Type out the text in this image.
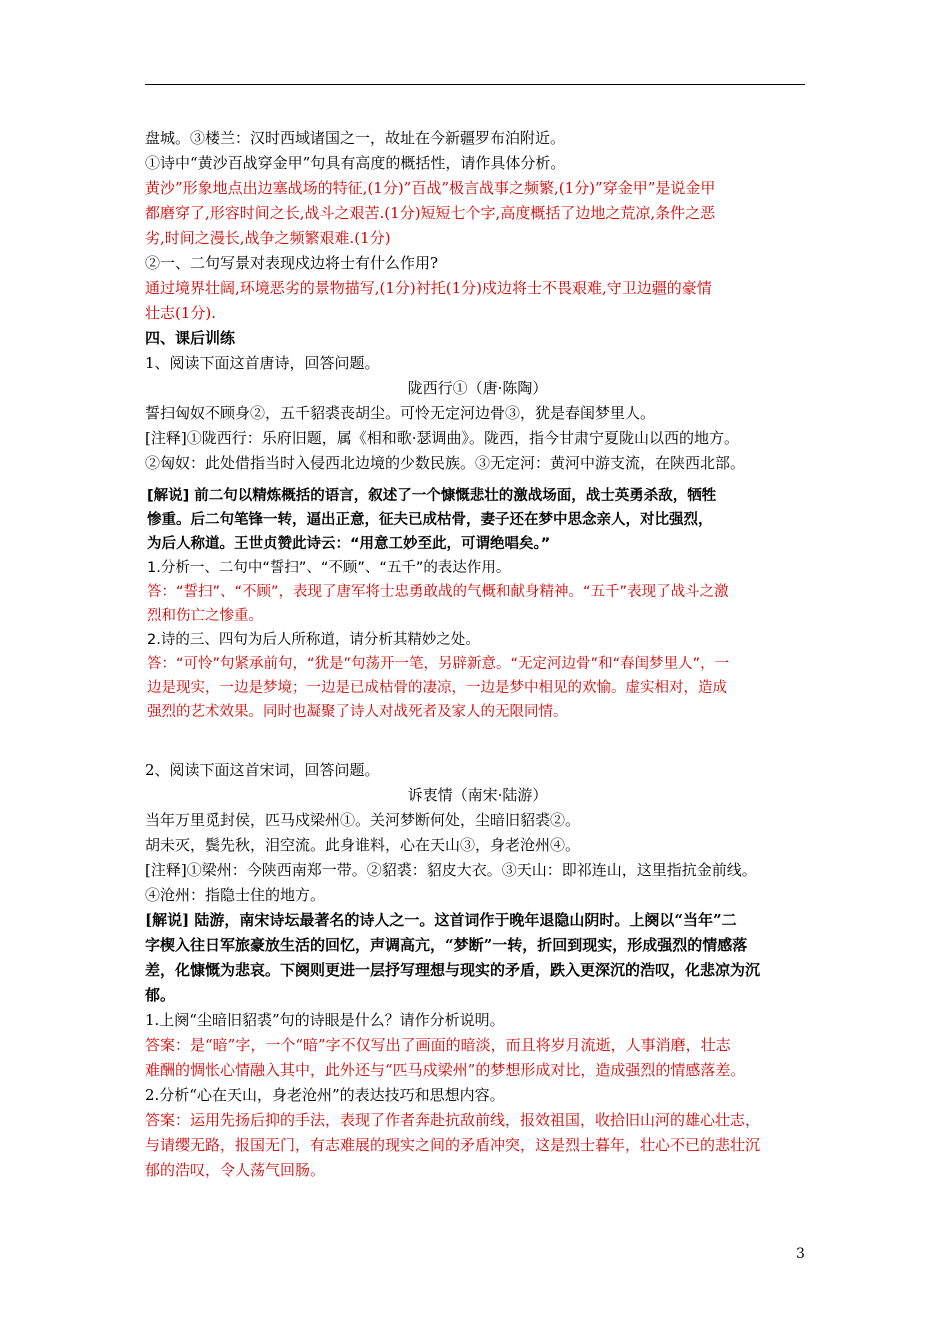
盘城。③楼兰：汉时西域诸国之一，故址在今新疆罗布泊附近。

①诗中“黄沙百战穿金甲”句具有高度的概括性，请作具体分析。

黄沙”形象地点出边塞战场的特征,(1分)”百战”极言战事之频繁,(1分)”穿金甲”是说金甲

都磨穿了,形容时间之长,战斗之艰苦.(1分)短短七个字,高度概括了边地之荒凉,条件之恶

劣,时间之漫长,战争之频繁艰难.(1分)

②一、二句写景对表现戍边将士有什么作用?

通过境界壮阔,环境恶劣的景物描写,(1分)衬托(1分)戍边将士不畏艰难,守卫边疆的豪情

壮志(1分).

四、课后训练

1、阅读下面这首唐诗，回答问题。

陇西行①（唐·陈陶）

誓扫匈奴不顾身②，五千貂裘丧胡尘。可怜无定河边骨③，犹是春闺梦里人。

[注释]①陇西行：乐府旧题，属《相和歌·瑟调曲》。陇西，指今甘肃宁夏陇山以西的地方。

②匈奴：此处借指当时入侵西北边境的少数民族。③无定河：黄河中游支流，在陕西北部。

[解说] 前二句以精炼概括的语言，叙述了一个慷慨悲壮的激战场面，战士英勇杀敌，牺牲

惨重。后二句笔锋一转，逼出正意，征夫已成枯骨，妻子还在梦中思念亲人，对比强烈，

为后人称道。王世贞赞此诗云：“用意工妙至此，可谓绝唱矣。”

1.分析一、二句中“誓扫”、“不顾”、“五千”的表达作用。

答：“誓扫”、“不顾”，表现了唐军将士忠勇敢战的气概和献身精神。“五千”表现了战斗之激

烈和伤亡之惨重。

2.诗的三、四句为后人所称道，请分析其精妙之处。

答：“可怜”句紧承前句，“犹是”句荡开一笔，另辟新意。“无定河边骨”和“春闺梦里人”，一

边是现实，一边是梦境；一边是已成枯骨的凄凉，一边是梦中相见的欢愉。虚实相对，造成

强烈的艺术效果。同时也凝聚了诗人对战死者及家人的无限同情。

2、阅读下面这首宋词，回答问题。

诉衷情（南宋·陆游）

当年万里觅封侯，匹马戍梁州①。关河梦断何处，尘暗旧貂裘②。

胡未灭，鬓先秋，泪空流。此身谁料，心在天山③，身老沧州④。

[注释]①梁州：今陕西南郑一带。②貂裘：貂皮大衣。③天山：即祁连山，这里指抗金前线。

④沧州：指隐士住的地方。

[解说] 陆游，南宋诗坛最著名的诗人之一。这首词作于晚年退隐山阴时。上阕以“当年”二

字楔入往日军旅豪放生活的回忆，声调高亢，“梦断”一转，折回到现实，形成强烈的情感落

差，化慷慨为悲哀。下阕则更进一层抒写理想与现实的矛盾，跌入更深沉的浩叹，化悲凉为沉

郁。

1.上阕“尘暗旧貂裘”句的诗眼是什么？请作分析说明。

答案：是“暗”字，一个“暗”字不仅写出了画面的暗淡，而且将岁月流逝，人事消磨，壮志

难酬的惆怅心情融入其中，此外还与“匹马戍梁州”的梦想形成对比，造成强烈的情感落差。

2.分析“心在天山，身老沧州”的表达技巧和思想内容。

答案：运用先扬后抑的手法，表现了作者奔赴抗敌前线，报效祖国，收拾旧山河的雄心壮志，

与请缨无路，报国无门，有志难展的现实之间的矛盾冲突，这是烈士暮年，壮心不已的悲壮沉

郁的浩叹，令人荡气回肠。

3
